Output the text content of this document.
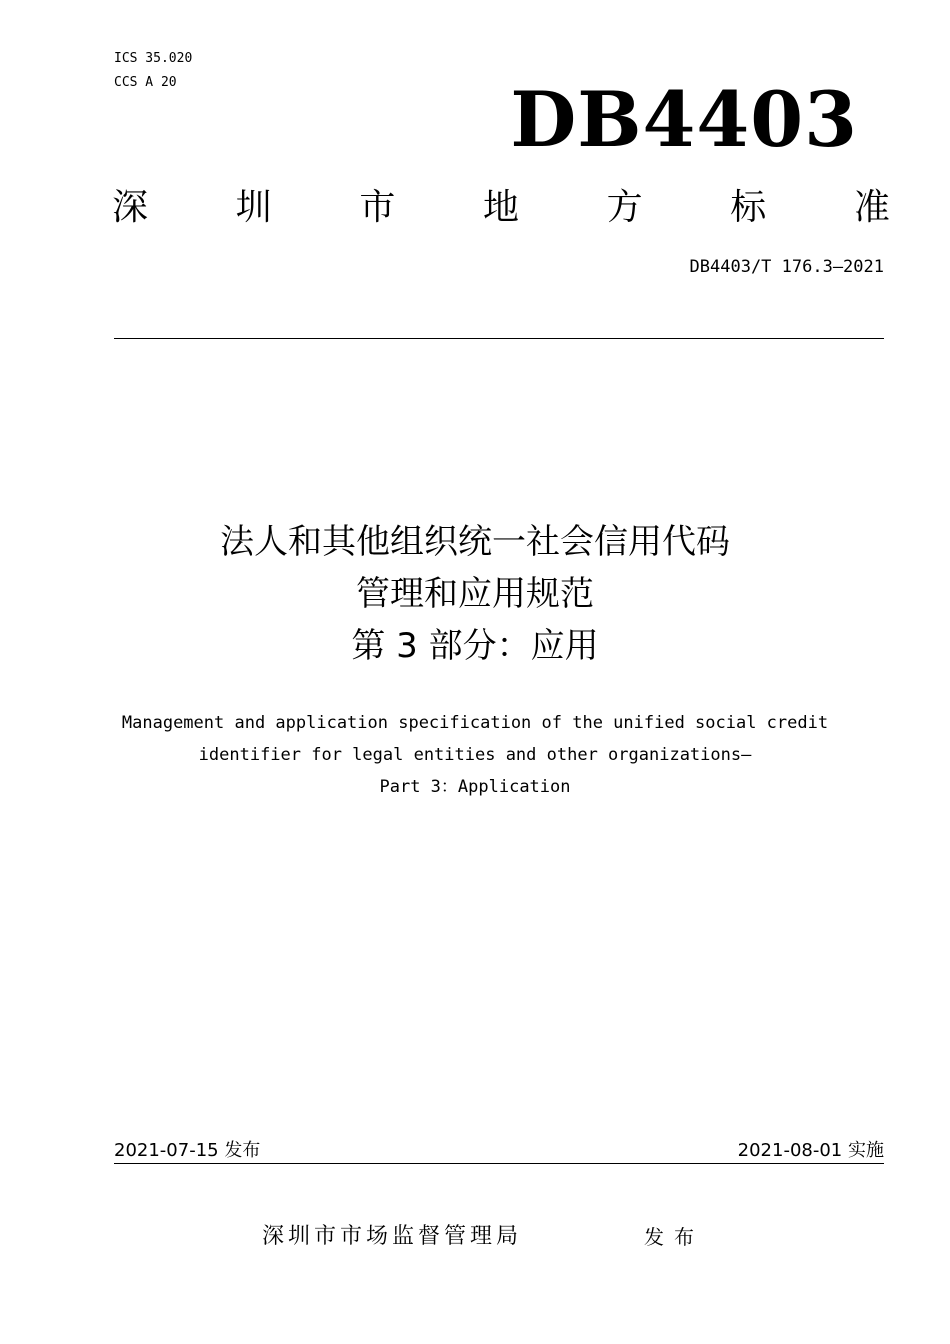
ICS 35.020
CCS A 20	DB4403
深 圳 市 地 方 标 准
DB4403/T 176.3—2021
法人和其他组织统一社会信用代码
管理和应用规范
第 3 部分：应用
Management and application specification of the unified social credit
identifier for legal entities and other organizations—
Part 3：Application
2021-07-15 发布	2021-08-01 实施
深圳市市场监督管理局	发布
